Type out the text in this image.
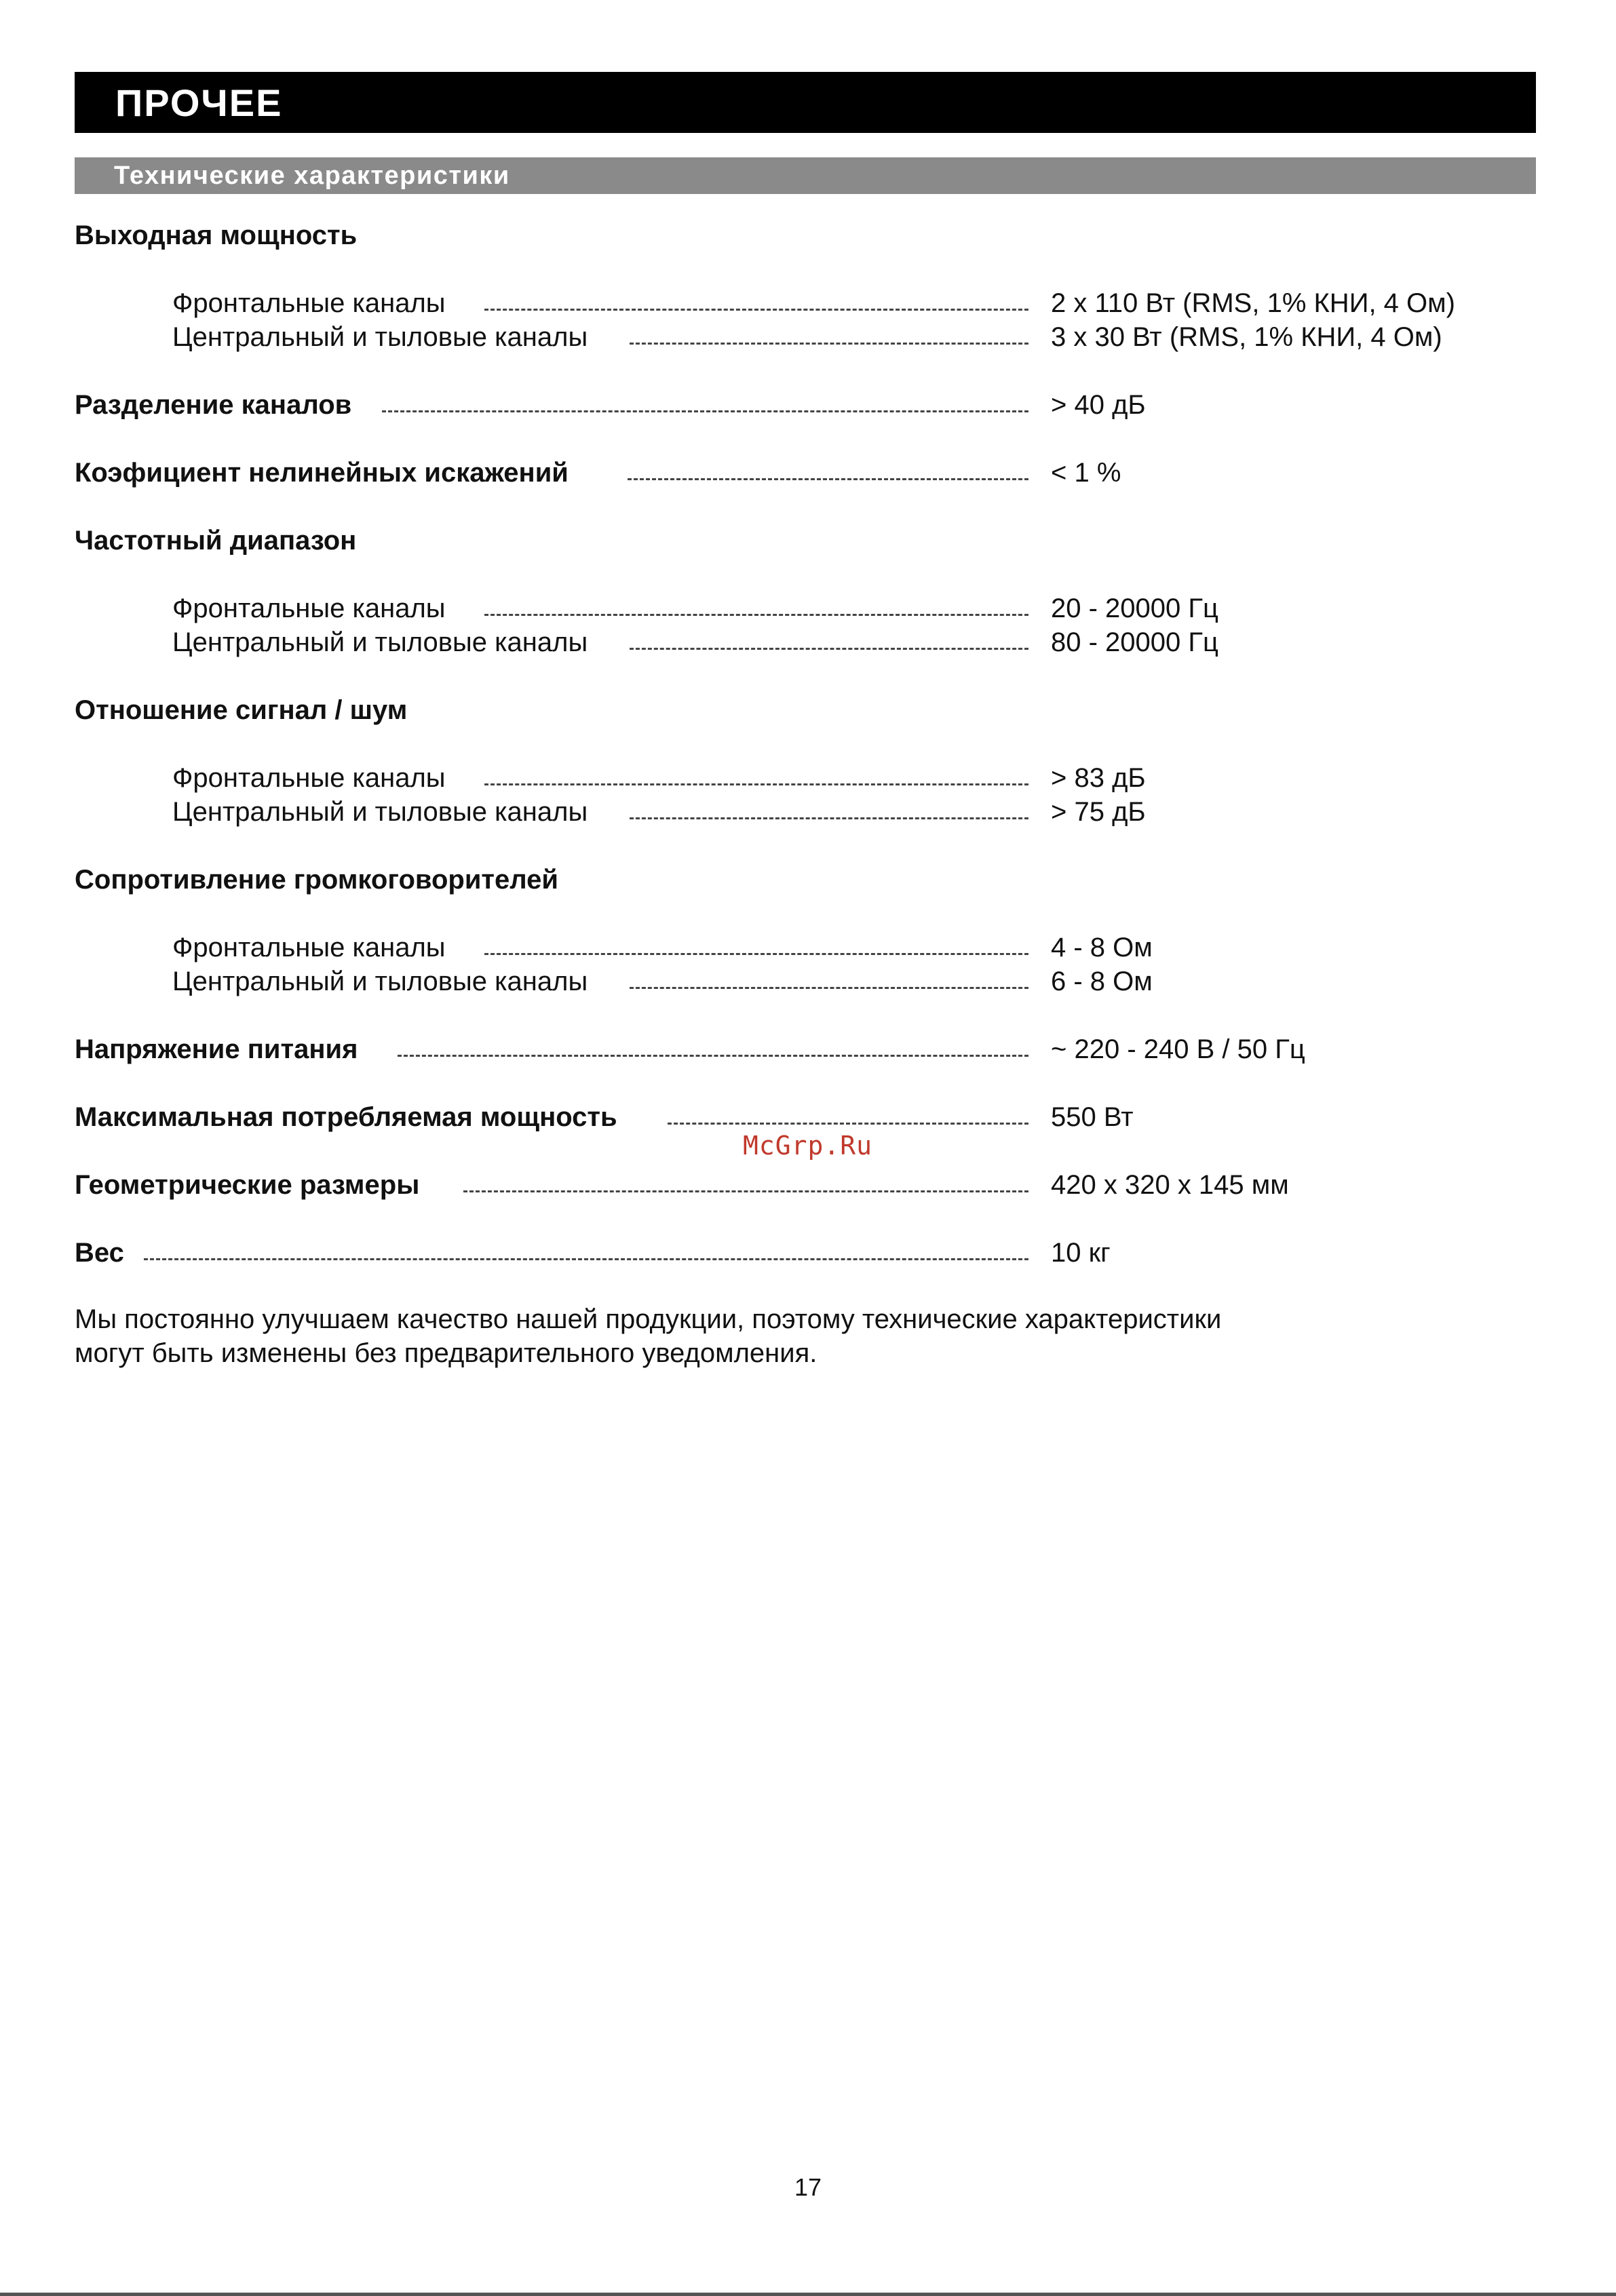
ПРОЧЕЕ
Технические характеристики
Выходная мощность
Фронтальные каналы	2 x 110 Вт (RMS, 1% КНИ, 4 Ом)
Центральный и тыловые каналы	3 x 30 Вт (RMS, 1% КНИ, 4 Ом)
Разделение каналов	> 40 дБ
Коэфициент нелинейных искажений	< 1 %
Частотный диапазон
Фронтальные каналы	20 - 20000 Гц
Центральный и тыловые каналы	80 - 20000 Гц
Отношение сигнал / шум
Фронтальные каналы	> 83 дБ
Центральный и тыловые каналы	> 75 дБ
Сопротивление громкоговорителей
Фронтальные каналы	4 - 8 Ом
Центральный и тыловые каналы	6 - 8 Ом
Напряжение питания	~ 220 - 240 В / 50 Гц
Максимальная потребляемая мощность	550 Вт
McGrp.Ru
Геометрические размеры	420 x 320 x 145 мм
Вес	10 кг
Мы постоянно улучшаем качество нашей продукции, поэтому технические характеристики
могут быть изменены без предварительного уведомления.
17
